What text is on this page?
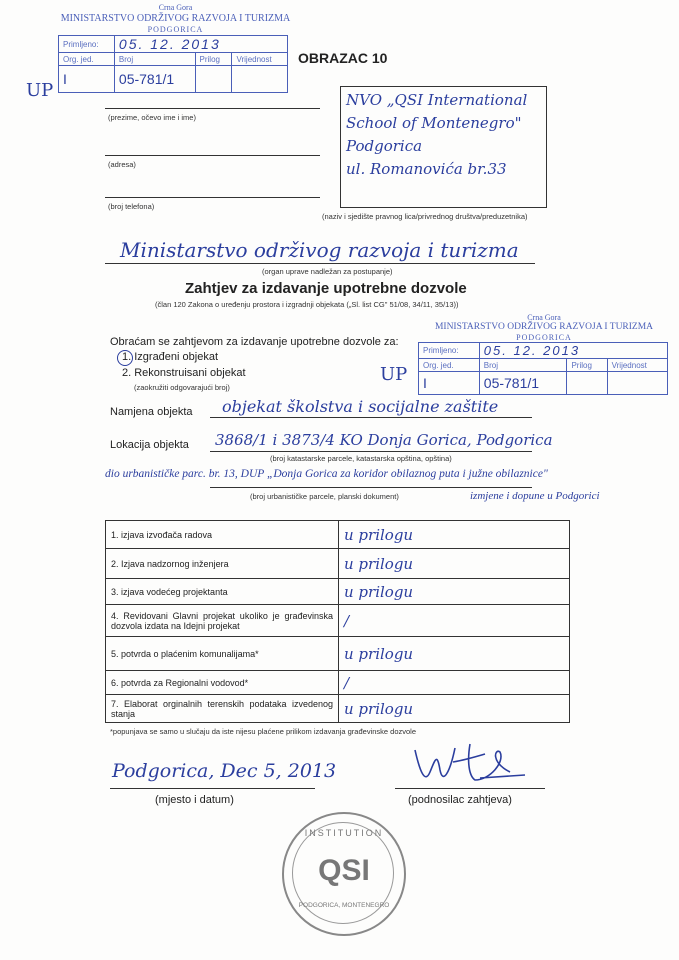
Crna Gora
MINISTARSTVO ODRŽIVOG RAZVOJA I TURIZMA
PODGORICA
Primljeno:	05. 12. 2013		
Org. jed.	Broj	Prilog	Vrijednost
I	05-781/1		
UP
OBRAZAC 10
(prezime, očevo ime i ime)
(adresa)
(broj telefona)
NVO „QSI International
School of Montenegro"
Podgorica
ul. Romanovića br.33
(naziv i sjedište pravnog lica/privrednog društva/preduzetnika)
Ministarstvo održivog razvoja i turizma
(organ uprave nadležan za postupanje)
Zahtjev za izdavanje upotrebne dozvole
(član 120 Zakona o uređenju prostora i izgradnji objekata („Sl. list CG" 51/08, 34/11, 35/13))
Crna Gora
MINISTARSTVO ODRŽIVOG RAZVOJA I TURIZMA
PODGORICA
Primljeno:	05. 12. 2013		
Org. jed.	Broj	Prilog	Vrijednost
I	05-781/1		
UP
Obraćam se zahtjevom za izdavanje upotrebne dozvole za:
1. Izgrađeni objekat
2. Rekonstruisani objekat
(zaokružiti odgovarajući broj)
Namjena objekta objekat školstva i socijalne zaštite
Lokacija objekta 3868/1 i 3873/4 KO Donja Gorica, Podgorica
(broj katastarske parcele, katastarska opština, opština)
dio urbanističke parc. br. 13, DUP „Donja Gorica za koridor obilaznog puta i južne obilaznice"
(broj urbanističke parcele, planski dokument)	izmjene i dopune u Podgorici
1. izjava izvođača radova	u prilogu
2. Izjava nadzornog inženjera	u prilogu
3. izjava vodećeg projektanta	u prilogu
4. Revidovani Glavni projekat ukoliko je građevinska dozvola izdata na Idejni projekat	/
5. potvrda o plaćenim komunalijama*	u prilogu
6. potvrda za Regionalni vodovod*	/
7. Elaborat orginalnih terenskih podataka izvedenog stanja	u prilogu
*popunjava se samo u slučaju da iste nijesu plaćene prilikom izdavanja građevinske dozvole
Podgorica, Dec 5, 2013
(mjesto i datum)	(podnosilac zahtjeva)
INSTITUTION
QSI
PODGORICA, MONTENEGRO
